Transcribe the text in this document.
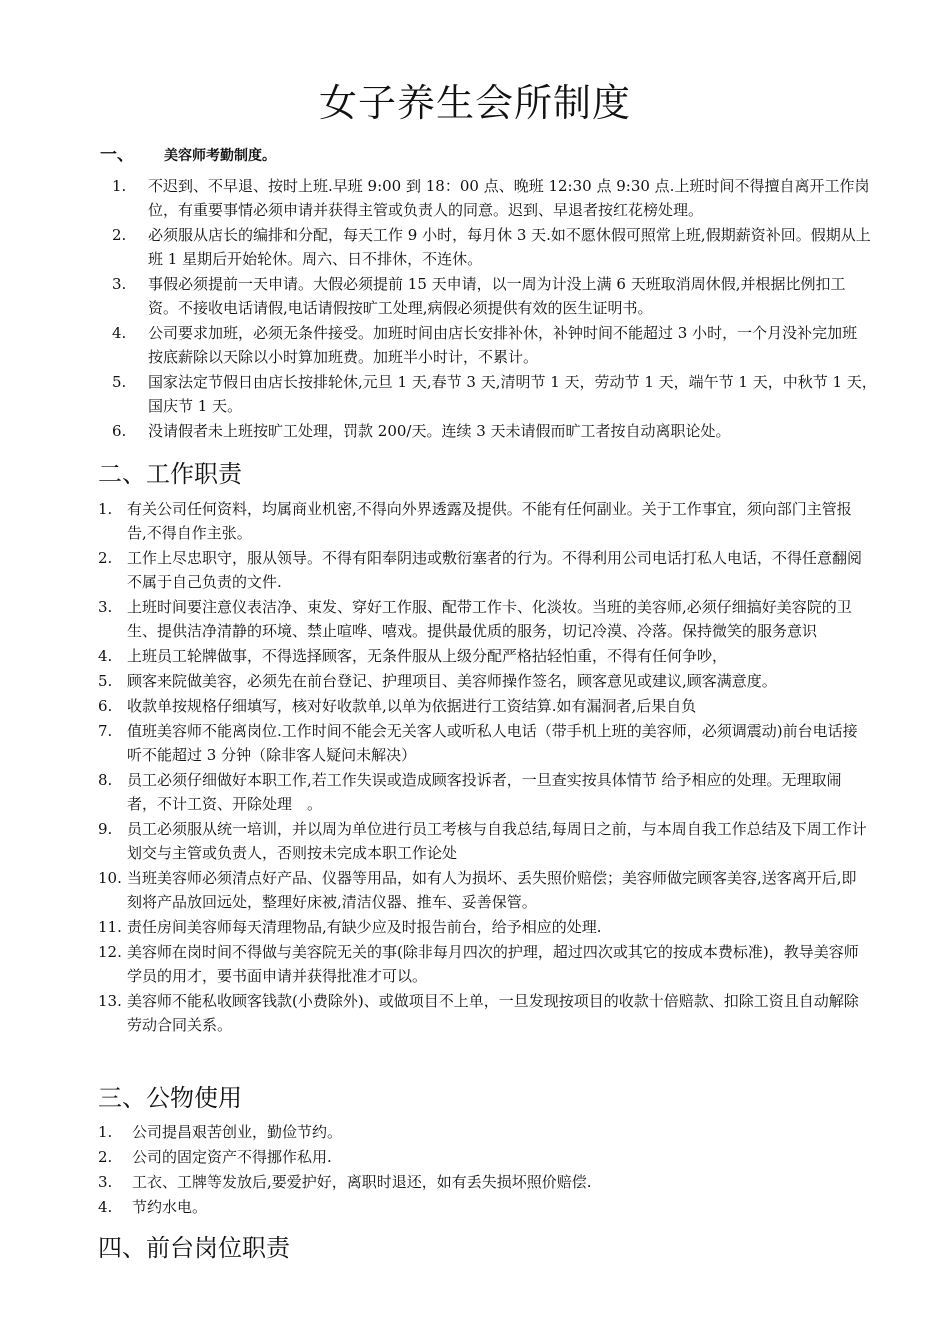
女子养生会所制度
一、 美容师考勤制度。
1. 不迟到、不早退、按时上班.早班 9:00 到 18：00 点、晚班 12:30 点 9:30 点.上班时间不得擅自离开工作岗位，有重要事情必须申请并获得主管或负责人的同意。迟到、早退者按红花榜处理。
2. 必须服从店长的编排和分配，每天工作 9 小时，每月休 3 天.如不愿休假可照常上班,假期薪资补回。假期从上班 1 星期后开始轮休。周六、日不排休，不连休。
3. 事假必须提前一天申请。大假必须提前 15 天申请，以一周为计没上满 6 天班取消周休假,并根据比例扣工资。不接收电话请假,电话请假按旷工处理,病假必须提供有效的医生证明书。
4. 公司要求加班，必须无条件接受。加班时间由店长安排补休，补钟时间不能超过 3 小时，一个月没补完加班按底薪除以天除以小时算加班费。加班半小时计，不累计。
5. 国家法定节假日由店长按排轮休,元旦 1 天,春节 3 天,清明节 1 天，劳动节 1 天，端午节 1 天，中秋节 1 天，　国庆节 1 天。
6. 没请假者未上班按旷工处理，罚款 200/天。连续 3 天未请假而旷工者按自动离职论处。
二、工作职责
1. 有关公司任何资料，均属商业机密,不得向外界透露及提供。不能有任何副业。关于工作事宜，须向部门主管报告,不得自作主张。
2. 工作上尽忠职守，服从领导。不得有阳奉阴违或敷衍塞者的行为。不得利用公司电话打私人电话，不得任意翻阅不属于自己负责的文件.
3. 上班时间要注意仪表洁净、束发、穿好工作服、配带工作卡、化淡妆。当班的美容师,必须仔细搞好美容院的卫生、提供洁净清静的环境、禁止喧哗、嘻戏。提供最优质的服务，切记冷漠、冷落。保持微笑的服务意识
4. 上班员工轮牌做事，不得选择顾客，无条件服从上级分配严格拈轻怕重，不得有任何争吵，
5. 顾客来院做美容，必须先在前台登记、护理项目、美容师操作签名，顾客意见或建议,顾客满意度。
6. 收款单按规格仔细填写，核对好收款单,以单为依据进行工资结算.如有漏洞者,后果自负
7. 值班美容师不能离岗位.工作时间不能会无关客人或听私人电话（带手机上班的美容师，必须调震动)前台电话接听不能超过 3 分钟（除非客人疑问未解决）
8. 员工必须仔细做好本职工作,若工作失误或造成顾客投诉者，一旦查实按具体情节 给予相应的处理。无理取闹者，不计工资、开除处理　。
9. 员工必须服从统一培训，并以周为单位进行员工考核与自我总结,每周日之前，与本周自我工作总结及下周工作计划交与主管或负责人，否则按未完成本职工作论处
10. 当班美容师必须清点好产品、仪器等用品，如有人为损坏、丢失照价赔偿；美容师做完顾客美容,送客离开后,即刻将产品放回远处，整理好床被,清洁仪器、推车、妥善保管。
11. 责任房间美容师每天清理物品,有缺少应及时报告前台，给予相应的处理.
12. 美容师在岗时间不得做与美容院无关的事(除非每月四次的护理，超过四次或其它的按成本费标准)，教导美容师学员的用才，要书面申请并获得批准才可以。
13. 美容师不能私收顾客钱款(小费除外)、或做项目不上单，一旦发现按项目的收款十倍赔款、扣除工资且自动解除劳动合同关系。
三、公物使用
1. 公司提昌艰苦创业，勤俭节约。
2. 公司的固定资产不得挪作私用.
3. 工衣、工牌等发放后,要爱护好，离职时退还，如有丢失损坏照价赔偿.
4. 节约水电。
四、前台岗位职责
